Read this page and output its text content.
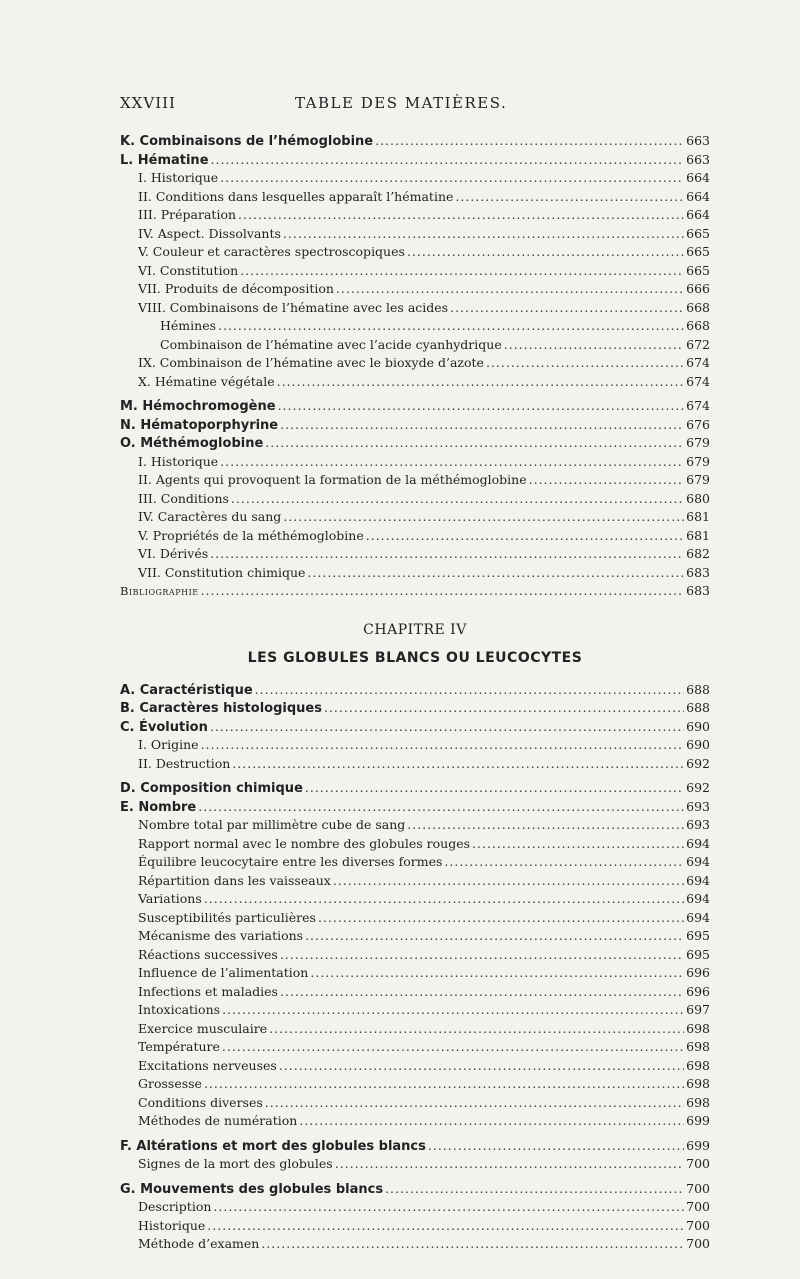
XXVIII	TABLE DES MATIÈRES.
K. Combinaisons de l’hémoglobine .....	663
L. Hématine .....	663
I. Historique .....	664
II. Conditions dans lesquelles apparaît l’hématine .....	664
III. Préparation .....	664
IV. Aspect. Dissolvants .....	665
V. Couleur et caractères spectroscopiques .....	665
VI. Constitution .....	665
VII. Produits de décomposition .....	666
VIII. Combinaisons de l’hématine avec les acides .....	668
Hémines .....	668
Combinaison de l’hématine avec l’acide cyanhydrique .....	672
IX. Combinaison de l’hématine avec le bioxyde d’azote .....	674
X. Hématine végétale .....	674
M. Hémochromogène .....	674
N. Hématoporphyrine .....	676
O. Méthémoglobine .....	679
I. Historique .....	679
II. Agents qui provoquent la formation de la méthémoglobine .....	679
III. Conditions .....	680
IV. Caractères du sang .....	681
V. Propriétés de la méthémoglobine .....	681
VI. Dérivés .....	682
VII. Constitution chimique .....	683
Bibliographie .....	683
CHAPITRE IV
LES GLOBULES BLANCS OU LEUCOCYTES
A. Caractéristique .....	688
B. Caractères histologiques .....	688
C. Évolution .....	690
I. Origine .....	690
II. Destruction .....	692
D. Composition chimique .....	692
E. Nombre .....	693
Nombre total par millimètre cube de sang .....	693
Rapport normal avec le nombre des globules rouges .....	694
Équilibre leucocytaire entre les diverses formes .....	694
Répartition dans les vaisseaux .....	694
Variations .....	694
Susceptibilités particulières .....	694
Mécanisme des variations .....	695
Réactions successives .....	695
Influence de l’alimentation .....	696
Infections et maladies .....	696
Intoxications .....	697
Exercice musculaire .....	698
Température .....	698
Excitations nerveuses .....	698
Grossesse .....	698
Conditions diverses .....	698
Méthodes de numération .....	699
F. Altérations et mort des globules blancs .....	699
Signes de la mort des globules .....	700
G. Mouvements des globules blancs .....	700
Description .....	700
Historique .....	700
Méthode d’examen .....	700
